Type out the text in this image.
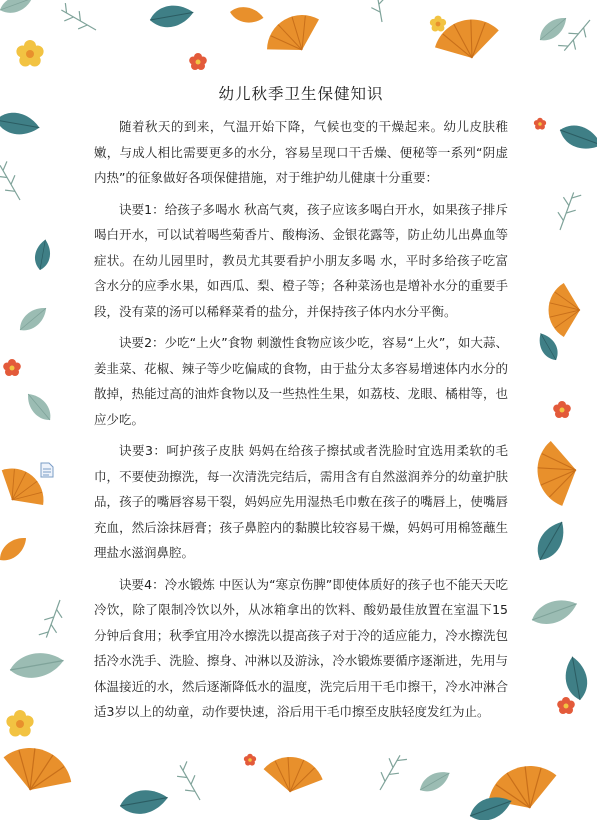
幼儿秋季卫生保健知识

随着秋天的到来，气温开始下降，气候也变的干燥起来。幼儿皮肤稚嫩，与成人相比需要更多的水分，容易呈现口干舌燥、便秘等一系列“阴虚内热”的征象做好各项保健措施，对于维护幼儿健康十分重要：

诀要1：给孩子多喝水 秋高气爽，孩子应该多喝白开水，如果孩子排斥喝白开水，可以试着喝些菊香片、酸梅汤、金银花露等，防止幼儿出鼻血等症状。在幼儿园里时，教员尤其要看护小朋友多喝 水，平时多给孩子吃富含水分的应季水果，如西瓜、梨、橙子等；各种菜汤也是增补水分的重要手段，没有菜的汤可以稀释菜肴的盐分，并保持孩子体内水分平衡。

诀要2：少吃“上火”食物 刺激性食物应该少吃，容易“上火”，如大蒜、姜韭菜、花椒、辣子等少吃偏咸的食物，由于盐分太多容易增速体内水分的散掉，热能过高的油炸食物以及一些热性生果，如荔枝、龙眼、橘柑等，也应少吃。

诀要3：呵护孩子皮肤 妈妈在给孩子擦拭或者洗脸时宜选用柔软的毛巾，不要使劲擦洗，每一次清洗完结后，需用含有自然滋润养分的幼童护肤品，孩子的嘴唇容易干裂，妈妈应先用湿热毛巾敷在孩子的嘴唇上，使嘴唇充血，然后涂抹唇膏；孩子鼻腔内的黏膜比较容易干燥，妈妈可用棉签蘸生理盐水滋润鼻腔。

诀要4：冷水锻炼 中医认为“寒京伤脾”即使体质好的孩子也不能天天吃冷饮，除了限制冷饮以外，从冰箱拿出的饮料、酸奶最佳放置在室温下15分钟后食用；秋季宜用冷水擦洗以提高孩子对于冷的适应能力，冷水擦洗包括冷水洗手、洗脸、擦身、冲淋以及游泳，冷水锻炼要循序逐渐进，先用与体温接近的水，然后逐渐降低水的温度，洗完后用干毛巾擦干，冷水冲淋合适3岁以上的幼童，动作要快速，浴后用干毛巾擦至皮肤轻度发红为止。
